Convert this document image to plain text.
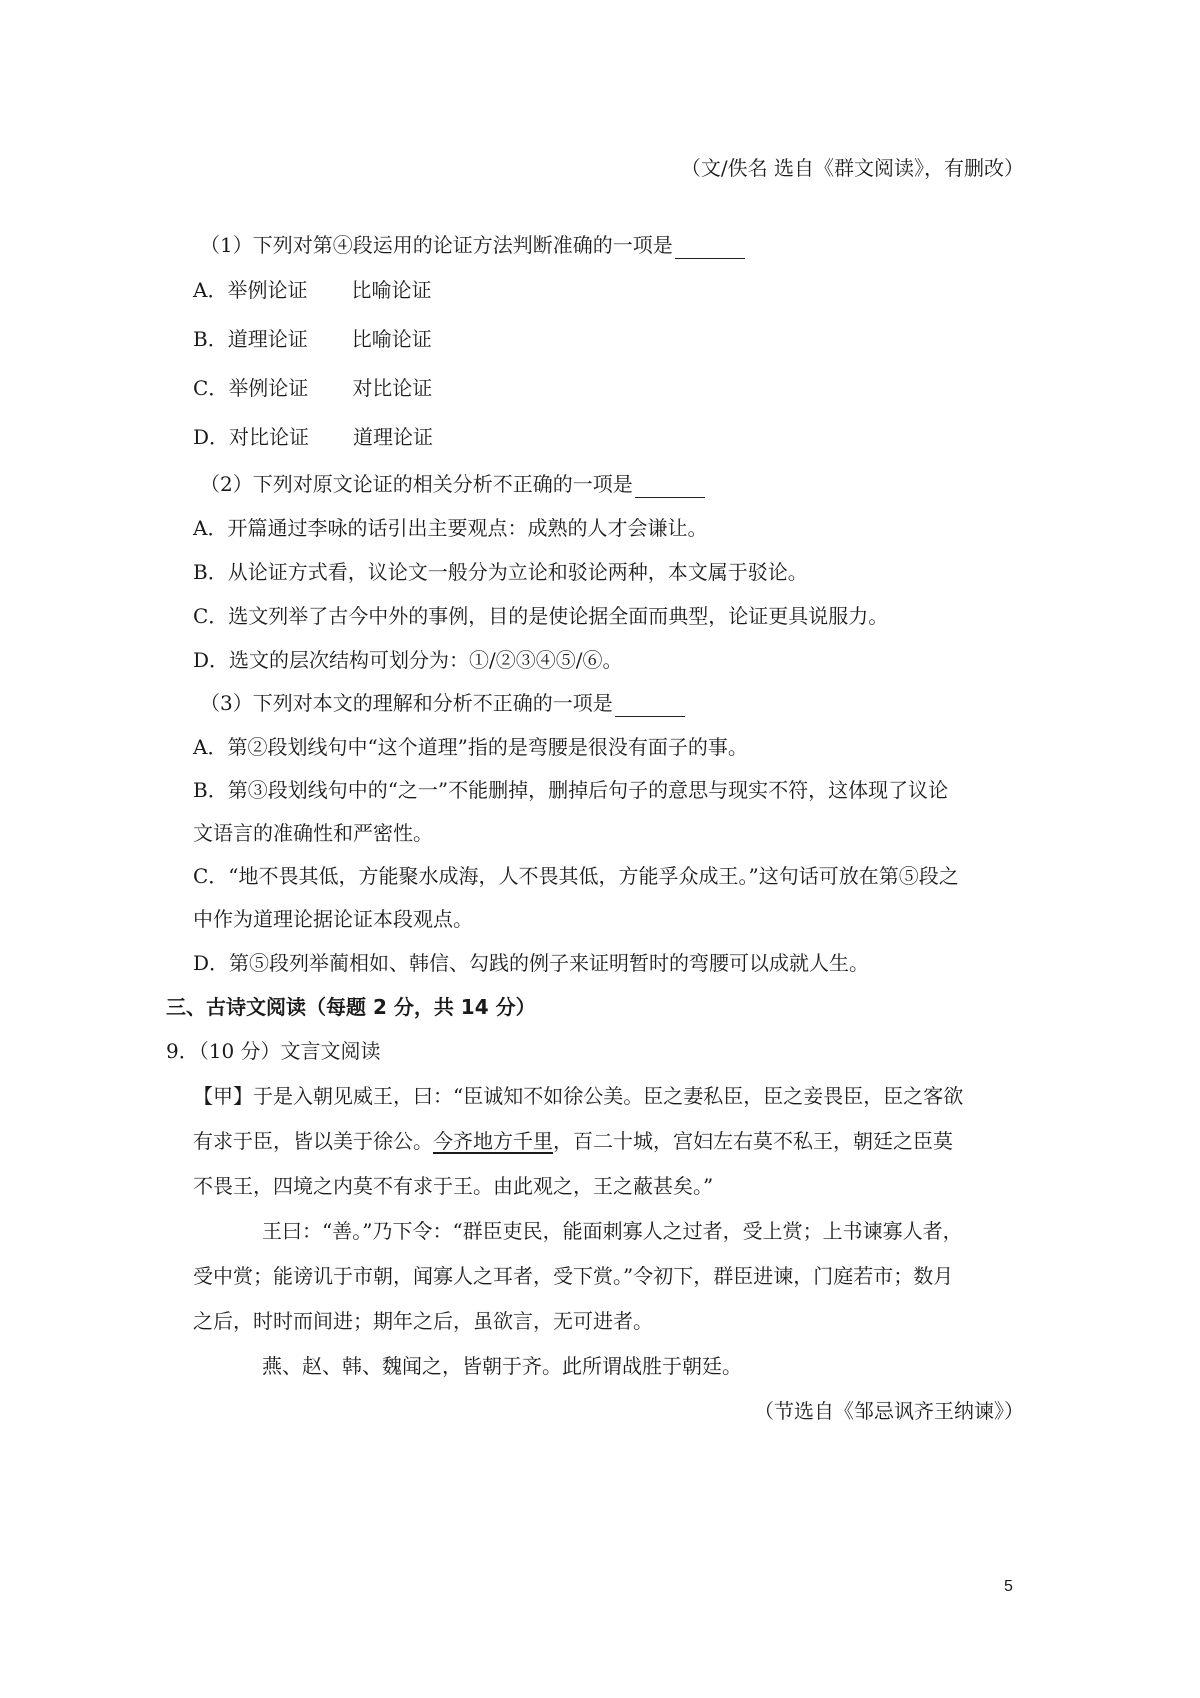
（文/佚名 选自《群文阅读》，有删改）
（1）下列对第④段运用的论证方法判断准确的一项是
A．举例论证 比喻论证
B．道理论证 比喻论证
C．举例论证 对比论证
D．对比论证 道理论证
（2）下列对原文论证的相关分析不正确的一项是
A．开篇通过李咏的话引出主要观点：成熟的人才会谦让。
B．从论证方式看，议论文一般分为立论和驳论两种，本文属于驳论。
C．选文列举了古今中外的事例，目的是使论据全面而典型，论证更具说服力。
D．选文的层次结构可划分为：①/②③④⑤/⑥。
（3）下列对本文的理解和分析不正确的一项是
A．第②段划线句中“这个道理”指的是弯腰是很没有面子的事。
B．第③段划线句中的“之一”不能删掉，删掉后句子的意思与现实不符，这体现了议论
文语言的准确性和严密性。
C．“地不畏其低，方能聚水成海，人不畏其低，方能孚众成王。”这句话可放在第⑤段之
中作为道理论据论证本段观点。
D．第⑤段列举蔺相如、韩信、勾践的例子来证明暂时的弯腰可以成就人生。
三、古诗文阅读（每题 2 分，共 14 分）
9．（10 分）文言文阅读
【甲】于是入朝见威王，曰：“臣诚知不如徐公美。臣之妻私臣，臣之妾畏臣，臣之客欲
有求于臣，皆以美于徐公。今齐地方千里，百二十城，宫妇左右莫不私王，朝廷之臣莫
不畏王，四境之内莫不有求于王。由此观之，王之蔽甚矣。”
王曰：“善。”乃下令：“群臣吏民，能面刺寡人之过者，受上赏；上书谏寡人者，
受中赏；能谤讥于市朝，闻寡人之耳者，受下赏。”令初下，群臣进谏，门庭若市；数月
之后，时时而间进；期年之后，虽欲言，无可进者。
燕、赵、韩、魏闻之，皆朝于齐。此所谓战胜于朝廷。
（节选自《邹忌讽齐王纳谏》）
5
